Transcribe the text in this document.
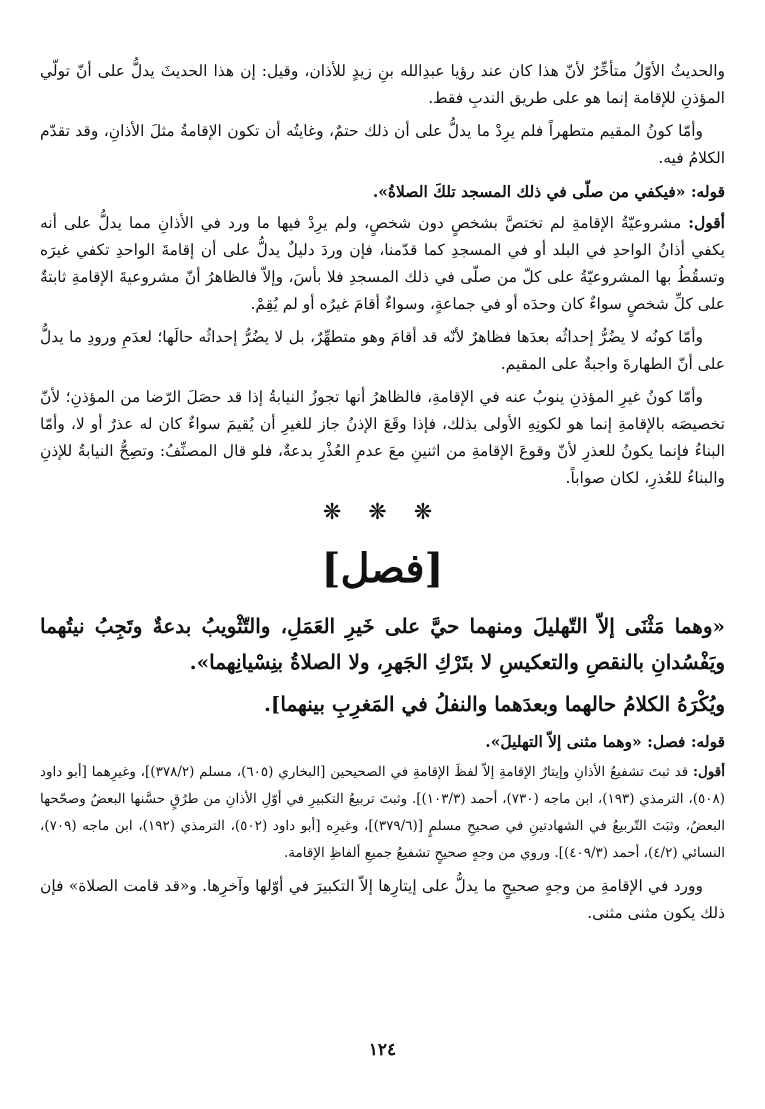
والحديثُ الأوّلُ متأخِّرٌ لأنّ هذا كان عند رؤيا عبدِالله بنِ زيدٍ للأذان، وقيل: إن هذا الحديثَ يدلُّ على أنّ تولّي المؤذنِ للإقامة إنما هو على طريق الندبِ فقط.

وأمّا كونُ المقيم متطهراً فلم يرِدْ ما يدلُّ على أن ذلك حتمٌ، وغايتُه أن تكون الإقامةُ مثلَ الأذانِ، وقد تقدّم الكلامُ فيه.

قوله: «فيكفي من صلّى في ذلك المسجد تلكَ الصلاةُ».

أقول: مشروعيّةُ الإقامةِ لم تختصَّ بشخصٍ دون شخصٍ، ولم يرِدْ فيها ما ورد في الأذانِ مما يدلُّ على أنه يكفي أذانُ الواحدِ في البلد أو في المسجدِ كما قدّمنا، فإن وردَ دليلٌ يدلُّ على أن إقامةَ الواحدِ تكفي غيرَه وتسقُطُ بها المشروعيّةُ على كلّ من صلّى في ذلك المسجدِ فلا بأسَ، وإلاّ فالظاهرُ أنّ مشروعيةَ الإقامةِ ثابتةٌ على كلِّ شخصٍ سواءٌ كان وحدَه أو في جماعةٍ، وسواءٌ أقامَ غيرُه أو لم يُقِمْ.

وأمّا كونُه لا يضُرُّ إحداثُه بعدَها فظاهرٌ لأنّه قد أقامَ وهو متطهِّرٌ، بل لا يضُرُّ إحداثُه حالَها؛ لعدَمِ ورودِ ما يدلُّ على أنّ الطهارةَ واجبةٌ على المقيم.

وأمّا كونُ غيرِ المؤذنِ ينوبُ عنه في الإقامةِ، فالظاهرُ أنها تجوزُ النيابةُ إذا قد حصَلَ الرّضا من المؤذنِ؛ لأنّ تخصيصَه بالإقامةِ إنما هو لكونِهِ الأولى بذلك، فإذا وقَعَ الإذنُ جاز للغيرِ أن يُقيمَ سواءٌ كان له عذرٌ أو لا، وأمّا البناءُ فإنما يكونُ للعذرِ لأنّ وقوعَ الإقامةِ من اثنينِ معَ عدمِ العُذْرِ بدعةٌ، فلو قال المصنِّفُ: وتصِحُّ النيابةُ للإذنِ والبناءُ للعُذرِ، لكان صواباً.

❋ ❋ ❋
[فصل]

«وهما مَثْنَى إلاّ التّهليلَ ومنهما حيَّ على خَيرِ العَمَلِ، والتّثْويبُ بدعةٌ وتَجِبُ نيتُهما ويَفْسُدانِ بالنقصِ والتعكيسِ لا بتَرْكِ الجَهرِ، ولا الصلاةُ بنِسْيانِهما».

ويُكْرَهُ الكلامُ حالهما وبعدَهما والنفلُ في المَغرِبِ بينهما].

قوله: فصل: «وهما مثنى إلاّ التهليلَ».

أقول: قد ثبتَ تشفيعُ الأذانِ وإيتارُ الإقامةِ إلاّ لفظَ الإقامةِ في الصحيحين [البخاري (٦٠٥)، مسلم (٣٧٨/٢)]، وغيرِهما [أبو داود (٥٠٨)، الترمذي (١٩٣)، ابن ماجه (٧٣٠)، أحمد (١٠٣/٣)]. وثبتَ تربيعُ التكبيرِ في أوّلِ الأذانِ من طرُقٍ حسَّنها البعضُ وصحّحها البعضُ، وثبَتَ التّربيعُ في الشهادتينِ في صحيحِ مسلمٍ [(٣٧٩/٦)]، وغيرِه [أبو داود (٥٠٢)، الترمذي (١٩٢)، ابن ماجه (٧٠٩)، النسائي (٤/٢)، أحمد (٤٠٩/٣)]. وروي من وجهٍ صحيحٍ تشفيعُ جميعِ ألفاظِ الإقامة.

وورد في الإقامةِ من وجهٍ صحيحٍ ما يدلُّ على إيتارِها إلاّ التكبيرَ في أوّلها وآخرِها. و«قد قامت الصلاة» فإن ذلك يكون مثنى مثنى.

١٢٤
